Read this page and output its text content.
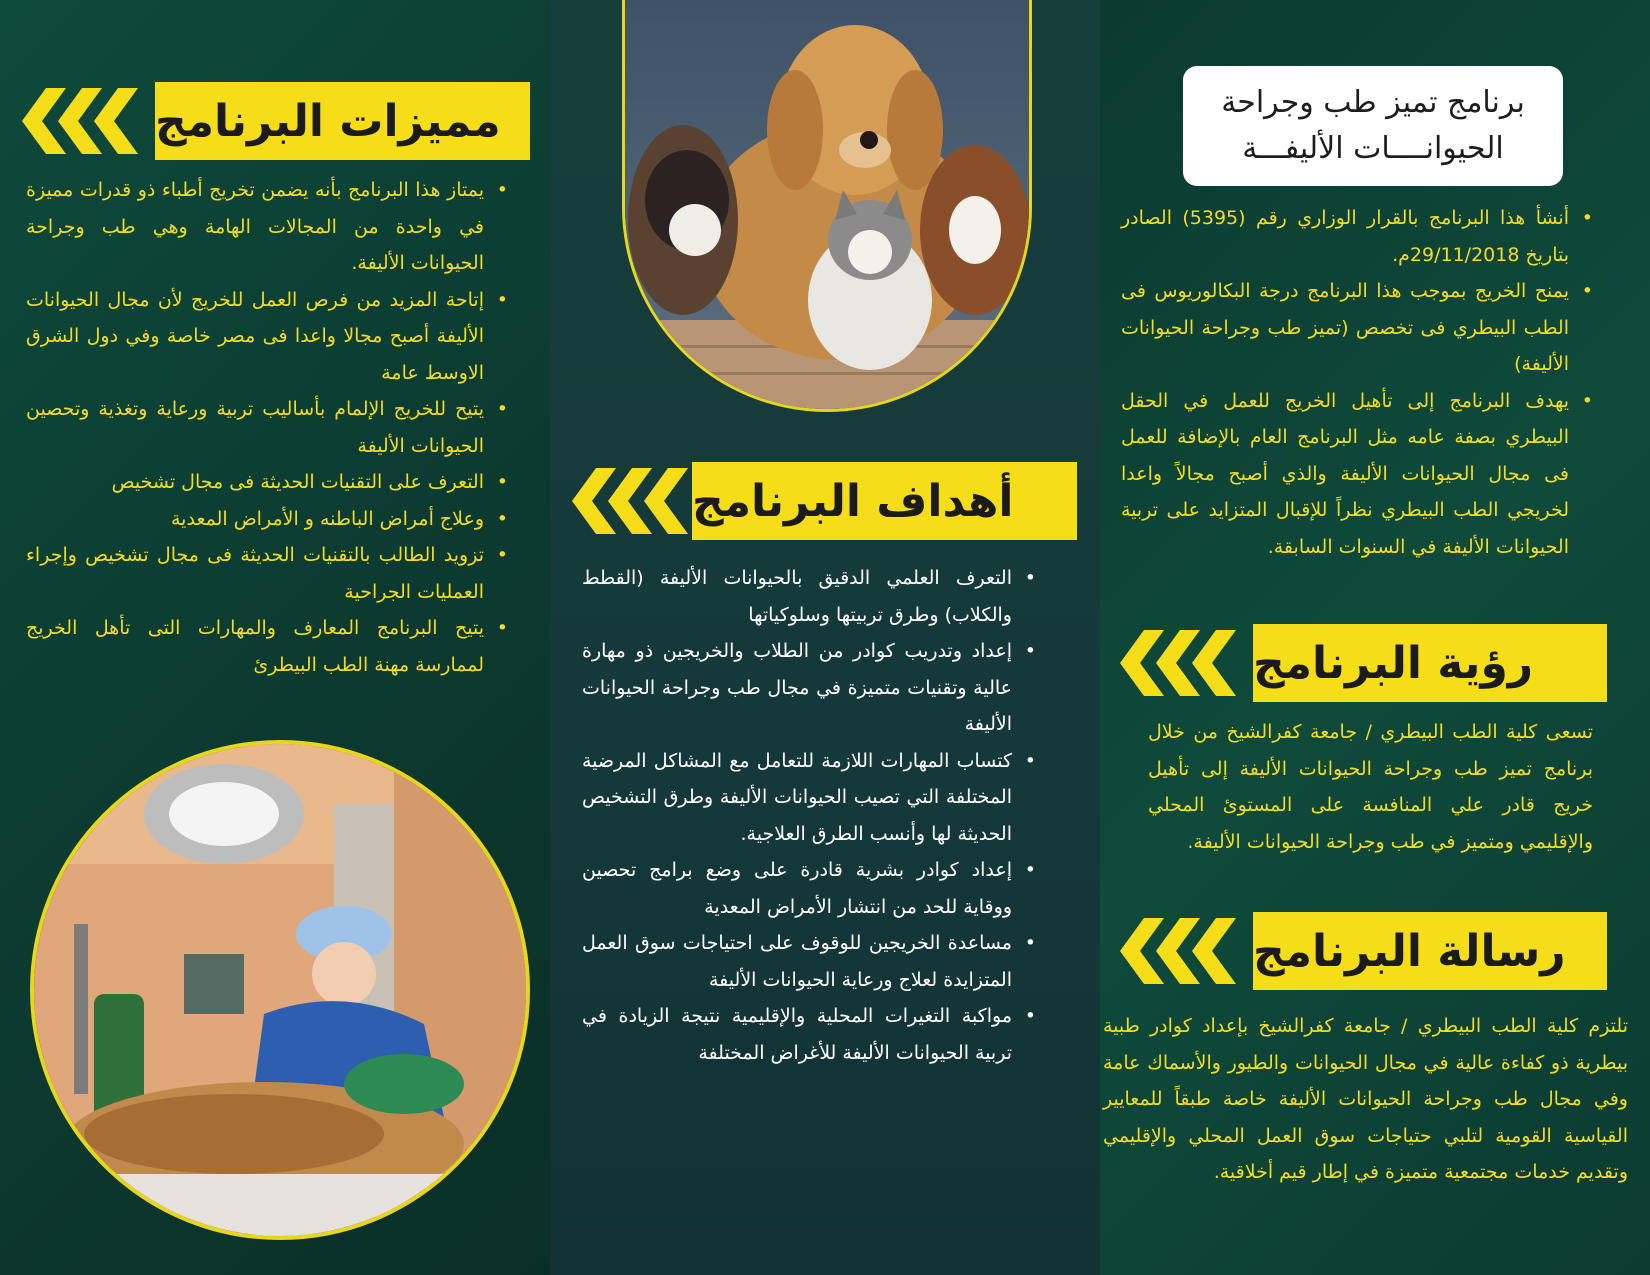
مميزات البرنامج
• يمتاز هذا البرنامج بأنه يضمن تخريج أطباء ذو قدرات مميزة في واحدة من المجالات الهامة وهي طب وجراحة الحيوانات الأليفة.
• إتاحة المزيد من فرص العمل للخريج لأن مجال الحيوانات الأليفة أصبح مجالا واعدا فى مصر خاصة وفي دول الشرق الاوسط عامة
• يتيح للخريج الإلمام بأساليب تربية ورعاية وتغذية وتحصين الحيوانات الأليفة
• التعرف على التقنيات الحديثة فى مجال تشخيص
• وعلاج أمراض الباطنه و الأمراض المعدية
• تزويد الطالب بالتقنيات الحديثة فى مجال تشخيص وإجراء العمليات الجراحية
• يتيح البرنامج المعارف والمهارات التى تأهل الخريج لممارسة مهنة الطب البيطرئ
أهداف البرنامج
• التعرف العلمي الدقيق بالحيوانات الأليفة (القطط والكلاب) وطرق تربيتها وسلوكياتها
• إعداد وتدريب كوادر من الطلاب والخريجين ذو مهارة عالية وتقنيات متميزة في مجال طب وجراحة الحيوانات الأليفة
• كتساب المهارات اللازمة للتعامل مع المشاكل المرضية المختلفة التي تصيب الحيوانات الأليفة وطرق التشخيص الحديثة لها وأنسب الطرق العلاجية.
• إعداد كوادر بشرية قادرة على وضع برامج تحصين ووقاية للحد من انتشار الأمراض المعدية
• مساعدة الخريجين للوقوف على احتياجات سوق العمل المتزايدة لعلاج ورعاية الحيوانات الأليفة
• مواكبة التغيرات المحلية والإقليمية نتيجة الزيادة في تربية الحيوانات الأليفة للأغراض المختلفة
برنامج تميز طب وجراحة
الحيوانــــات الأليفـــة
• أنشأ هذا البرنامج بالقرار الوزاري رقم (5395) الصادر بتاريخ 29/11/2018م.
• يمنح الخريج بموجب هذا البرنامج درجة البكالوريوس فى الطب البيطري فى تخصص (تميز طب وجراحة الحيوانات الأليفة)
• يهدف البرنامج إلى تأهيل الخريج للعمل في الحقل البيطري بصفة عامه مثل البرنامج العام بالإضافة للعمل فى مجال الحيوانات الأليفة والذي أصبح مجالاً واعدا لخريجي الطب البيطري نظراً للإقبال المتزايد على تربية الحيوانات الأليفة في السنوات السابقة.
رؤية البرنامج

تسعى كلية الطب البيطري / جامعة كفرالشيخ من خلال برنامج تميز طب وجراحة الحيوانات الأليفة إلى تأهيل خريج قادر علي المنافسة على المستوئ المحلي والإقليمي ومتميز في طب وجراحة الحيوانات الأليفة.

رسالة البرنامج

تلتزم كلية الطب البيطري / جامعة كفرالشيخ بإعداد كوادر طبية بيطرية ذو كفاءة عالية في مجال الحيوانات والطيور والأسماك عامة وفي مجال طب وجراحة الحيوانات الأليفة خاصة طبقاً للمعايير القياسية القومية لتلبي حتياجات سوق العمل المحلي والإقليمي وتقديم خدمات مجتمعية متميزة في إطار قيم أخلاقية.
